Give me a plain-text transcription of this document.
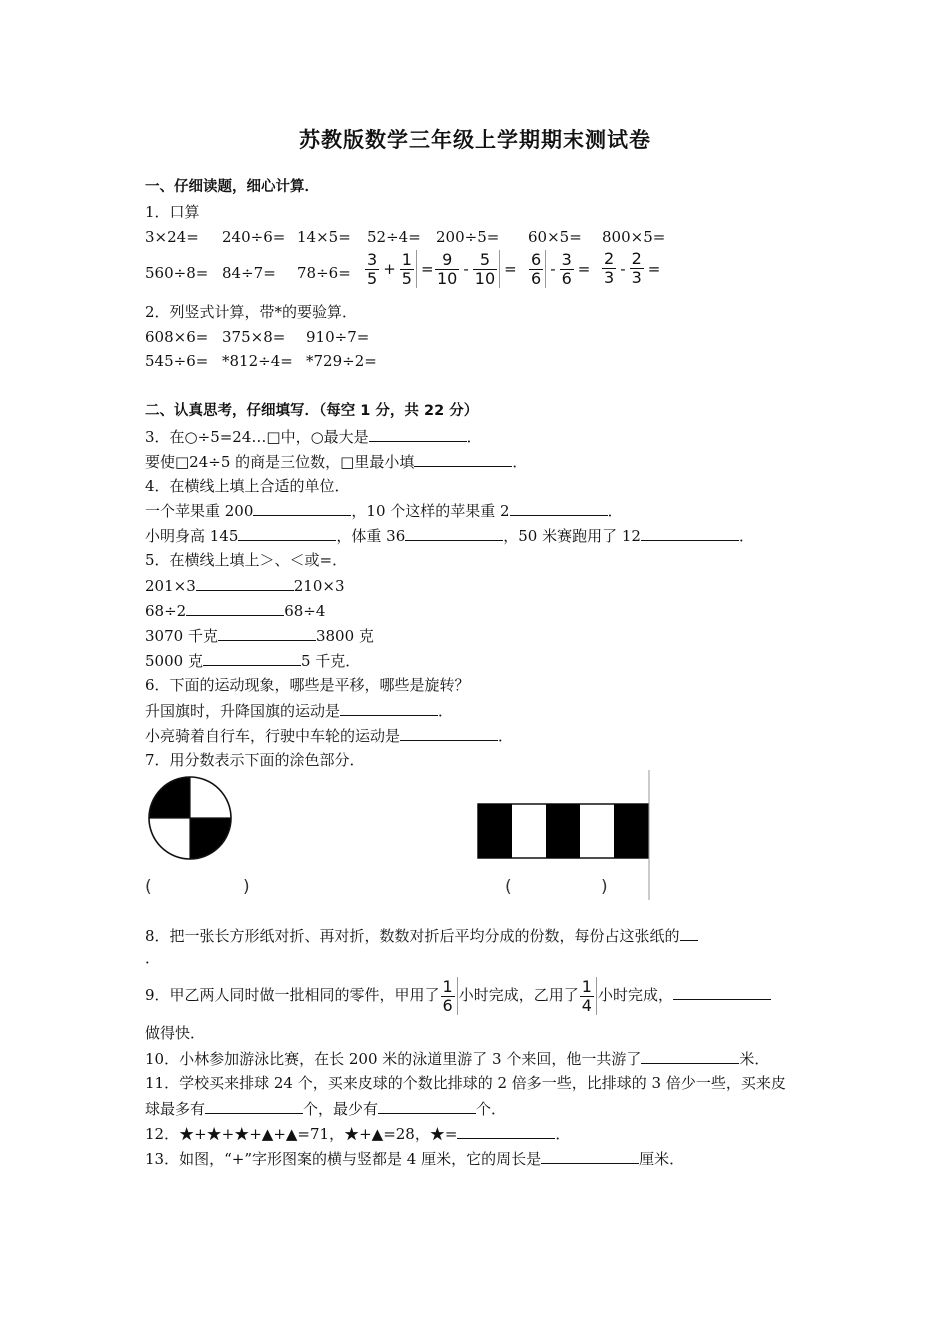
苏教版数学三年级上学期期末测试卷
一、仔细读题，细心计算．
1．口算
3×24= 240÷6= 14×5= 52÷4= 200÷5= 60×5= 800×5=
$560\div 8= 84\div 7= 78\div 6= \frac{3}{5} + \frac{1}{5} = \frac{9}{10} - \frac{5}{10} = \frac{6}{6} - \frac{3}{6} = \frac{2}{3} - \frac{2}{3}$ =
2．列竖式计算，带*的要验算．
608×6= 375×8= 910÷7=
545÷6= *812÷4= *729÷2=
二、认真思考，仔细填写．（每空 1 分，共 22 分）
3．在○÷5=24…□中，○最大是	．
要使□24÷5 的商是三位数，□里最小填	．
4．在横线上填上合适的单位．
一个苹果重 200	，10 个这样的苹果重 2	．
小明身高 145	，体重 36	，50 米赛跑用了 12	．
5．在横线上填上＞、＜或=．
201×3	210×3
68÷2	68÷4
3070 千克	3800 克
5000 克	5 千克．
6．下面的运动现象，哪些是平移，哪些是旋转？
升国旗时，升降国旗的运动是	．
小亮骑着自行车，行驶中车轮的运动是	．
7．用分数表示下面的涂色部分．
(	)	(	)
8．把一张长方形纸对折、再对折，数数对折后平均分成的份数，每份占这张纸的
．
9．甲乙两人同时做一批相同的零件，甲用了 $\frac{1}{6}$ 小时完成，乙用了 $\frac{1}{4}$ 小时完成，
做得快．
10．小林参加游泳比赛，在长 200 米的泳道里游了 3 个来回，他一共游了	米．
11．学校买来排球 24 个，买来皮球的个数比排球的 2 倍多一些，比排球的 3 倍少一些，买来皮
球最多有	个，最少有	个．
12．★+★+★+▲+▲=71，★+▲=28，★=	．
13．如图，“+”字形图案的横与竖都是 4 厘米，它的周长是	厘米．
